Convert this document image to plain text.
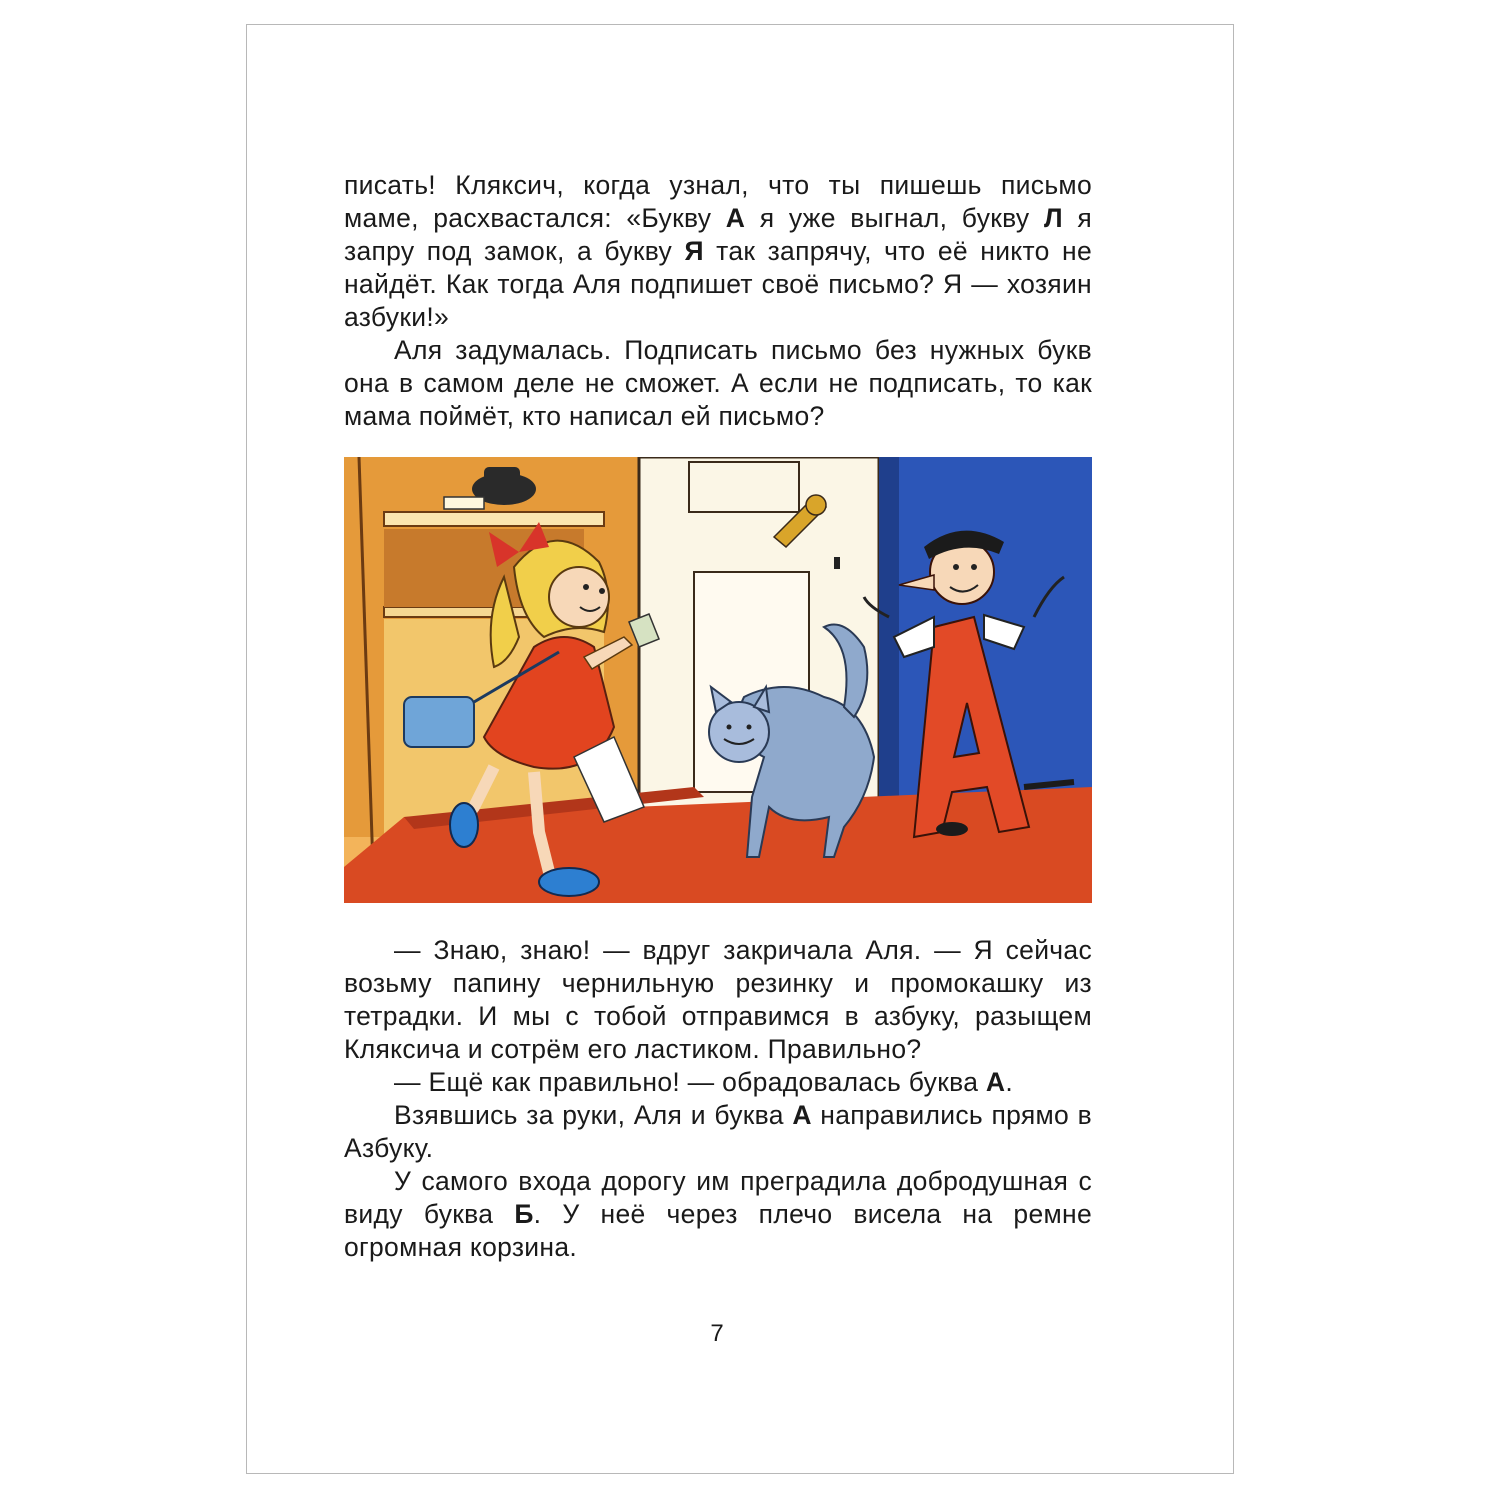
писать! Кляксич, когда узнал, что ты пишешь письмо маме, расхвастался: «Букву А я уже выгнал, букву Л я запру под замок, а букву Я так запрячу, что её никто не найдёт. Как тогда Аля подпишет своё письмо? Я — хозяин азбуки!»

Аля задумалась. Подписать письмо без нужных букв она в самом деле не сможет. А если не подписать, то как мама поймёт, кто написал ей письмо?

— Знаю, знаю! — вдруг закричала Аля. — Я сейчас возьму папину чернильную резинку и промокашку из тетрадки. И мы с тобой отправимся в азбуку, разыщем Кляксича и сотрём его ластиком. Правильно?

— Ещё как правильно! — обрадовалась буква А.

Взявшись за руки, Аля и буква А направились прямо в Азбуку.

У самого входа дорогу им преградила добродушная с виду буква Б. У неё через плечо висела на ремне огромная корзина.

7
